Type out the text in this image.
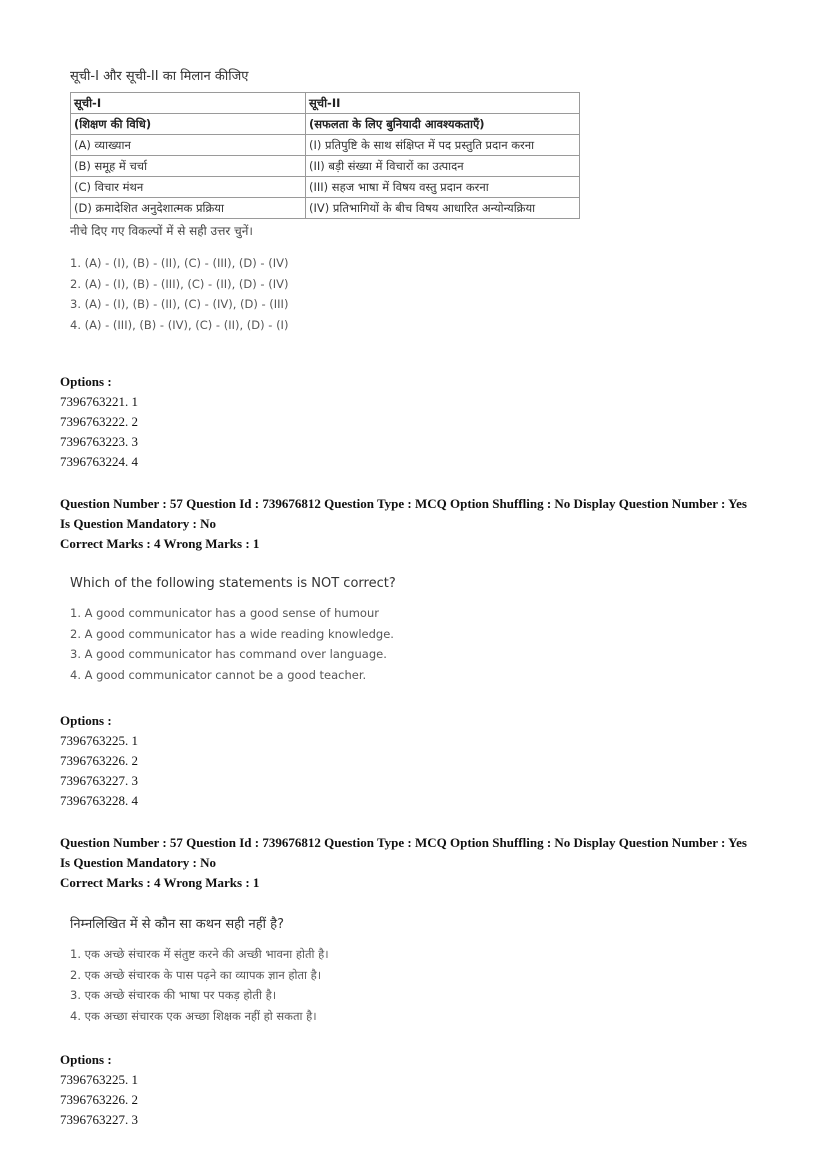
सूची-I और सूची-II का मिलान कीजिए
सूची-I	सूची-II
(शिक्षण की विधि)	(सफलता के लिए बुनियादी आवश्यकताएँ)
(A) व्याख्यान	(I) प्रतिपुष्टि के साथ संक्षिप्त में पद प्रस्तुति प्रदान करना
(B) समूह में चर्चा	(II) बड़ी संख्या में विचारों का उत्पादन
(C) विचार मंथन	(III) सहज भाषा में विषय वस्तु प्रदान करना
(D) क्रमादेशित अनुदेशात्मक प्रक्रिया	(IV) प्रतिभागियों के बीच विषय आधारित अन्योन्यक्रिया
नीचे दिए गए विकल्पों में से सही उत्तर चुनें।
1. (A) - (I), (B) - (II), (C) - (III), (D) - (IV)
2. (A) - (I), (B) - (III), (C) - (II), (D) - (IV)
3. (A) - (I), (B) - (II), (C) - (IV), (D) - (III)
4. (A) - (III), (B) - (IV), (C) - (II), (D) - (I)
Options :
7396763221. 1
7396763222. 2
7396763223. 3
7396763224. 4
Question Number : 57 Question Id : 739676812 Question Type : MCQ Option Shuffling : No Display Question Number : Yes
Is Question Mandatory : No
Correct Marks : 4 Wrong Marks : 1
Which of the following statements is NOT correct?
1. A good communicator has a good sense of humour
2. A good communicator has a wide reading knowledge.
3. A good communicator has command over language.
4. A good communicator cannot be a good teacher.
Options :
7396763225. 1
7396763226. 2
7396763227. 3
7396763228. 4
Question Number : 57 Question Id : 739676812 Question Type : MCQ Option Shuffling : No Display Question Number : Yes
Is Question Mandatory : No
Correct Marks : 4 Wrong Marks : 1
निम्नलिखित में से कौन सा कथन सही नहीं है?
1. एक अच्छे संचारक में संतुष्ट करने की अच्छी भावना होती है।
2. एक अच्छे संचारक के पास पढ़ने का व्यापक ज्ञान होता है।
3. एक अच्छे संचारक की भाषा पर पकड़ होती है।
4. एक अच्छा संचारक एक अच्छा शिक्षक नहीं हो सकता है।
Options :
7396763225. 1
7396763226. 2
7396763227. 3
